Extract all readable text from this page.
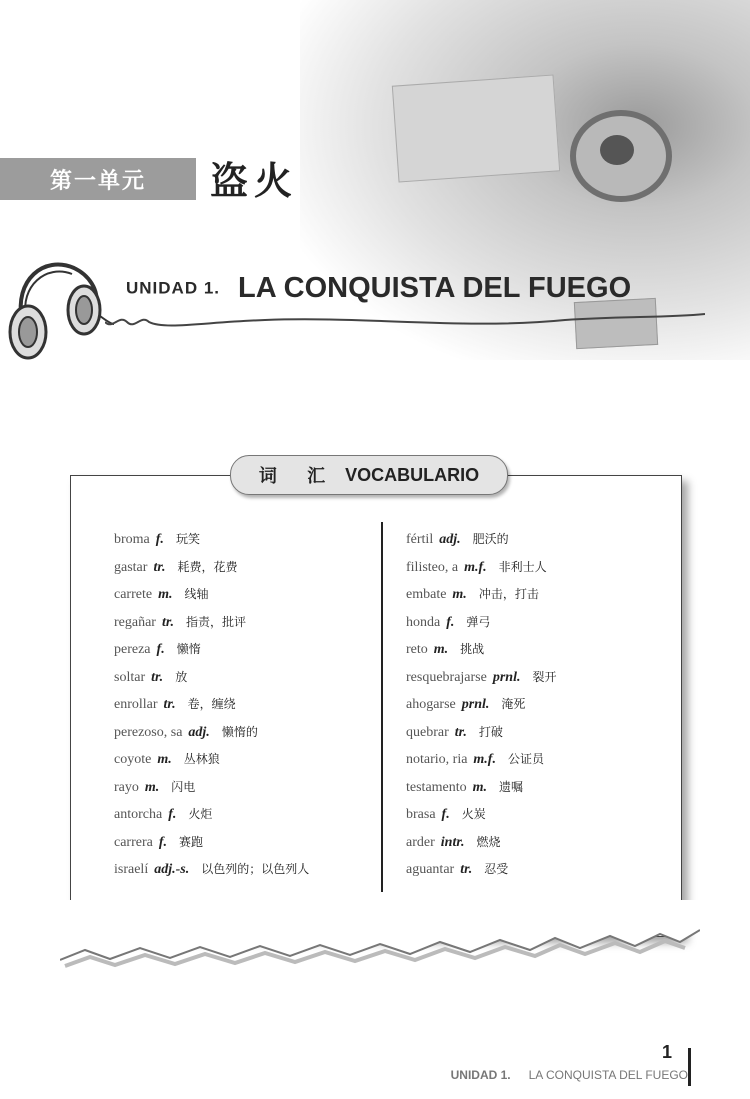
第一单元 盗火
UNIDAD 1. LA CONQUISTA DEL FUEGO
词 汇 VOCABULARIO
broma f. 玩笑
gastar tr. 耗费，花费
carrete m. 线轴
regañar tr. 指责，批评
pereza f. 懒惰
soltar tr. 放
enrollar tr. 卷，缠绕
perezoso, sa adj. 懒惰的
coyote m. 丛林狼
rayo m. 闪电
antorcha f. 火炬
carrera f. 赛跑
israelí adj.-s. 以色列的；以色列人
fértil adj. 肥沃的
filisteo, a m.f. 非利士人
embate m. 冲击，打击
honda f. 弹弓
reto m. 挑战
resquebrajarse prnl. 裂开
ahogarse prnl. 淹死
quebrar tr. 打破
notario, ria m.f. 公证员
testamento m. 遗嘱
brasa f. 火炭
arder intr. 燃烧
aguantar tr. 忍受
1
UNIDAD 1. LA CONQUISTA DEL FUEGO
